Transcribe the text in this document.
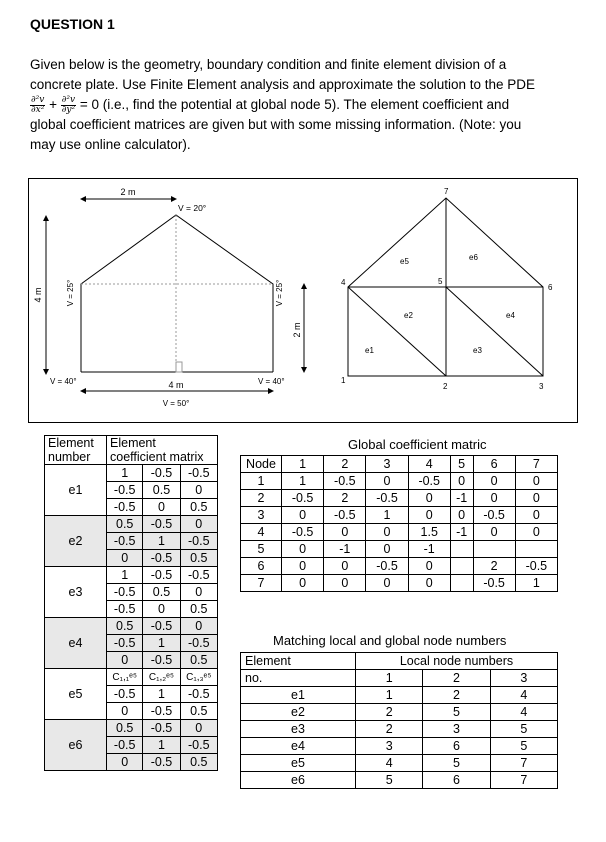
QUESTION 1
Given below is the geometry, boundary condition and finite element division of a
concrete plate. Use Finite Element analysis and approximate the solution to the PDE
$\frac{\text{∂²v}}{\text{∂x²}} + \frac{\text{∂²v}}{\text{∂y²}} = 0$ (i.e., find the potential at global node 5). The element coefficient and
global coefficient matrices are given but with some missing information. (Note: you
may use online calculator).
2 m
V = 20°
4 m	V = 25°	V = 25°
2 m
V = 40°	V = 40°
4 m
V = 50°
1
2	3
4	5
6
7
e1
e2
e3
e4
e5	e6
Element
number	Element
coefficient matrix		
e1	1	-0.5	-0.5
	-0.5	0.5	0
	-0.5	0	0.5
e2	0.5	-0.5	0
	-0.5	1	-0.5
	0	-0.5	0.5
e3	1	-0.5	-0.5
	-0.5	0.5	0
	-0.5	0	0.5
e4	0.5	-0.5	0
	-0.5	1	-0.5
	0	-0.5	0.5
e5	C₁,₁ᵉ⁵	C₁,₂ᵉ⁵	C₁,₃ᵉ⁵
	-0.5	1	-0.5
	0	-0.5	0.5
e6	0.5	-0.5	0
	-0.5	1	-0.5
	0	-0.5	0.5
Global coefficient matric
Node	1	2	3	4	5	6	7
1	1	-0.5	0	-0.5	0	0	0
2	-0.5	2	-0.5	0	-1	0	0
3	0	-0.5	1	0	0	-0.5	0
4	-0.5	0	0	1.5	-1	0	0
5	0	-1	0	-1			
6	0	0	-0.5	0		2	-0.5
7	0	0	0	0		-0.5	1
Matching local and global node numbers
Element	Local node numbers		
no.	1	2	3
e1	1	2	4
e2	2	5	4
e3	2	3	5
e4	3	6	5
e5	4	5	7
e6	5	6	7
